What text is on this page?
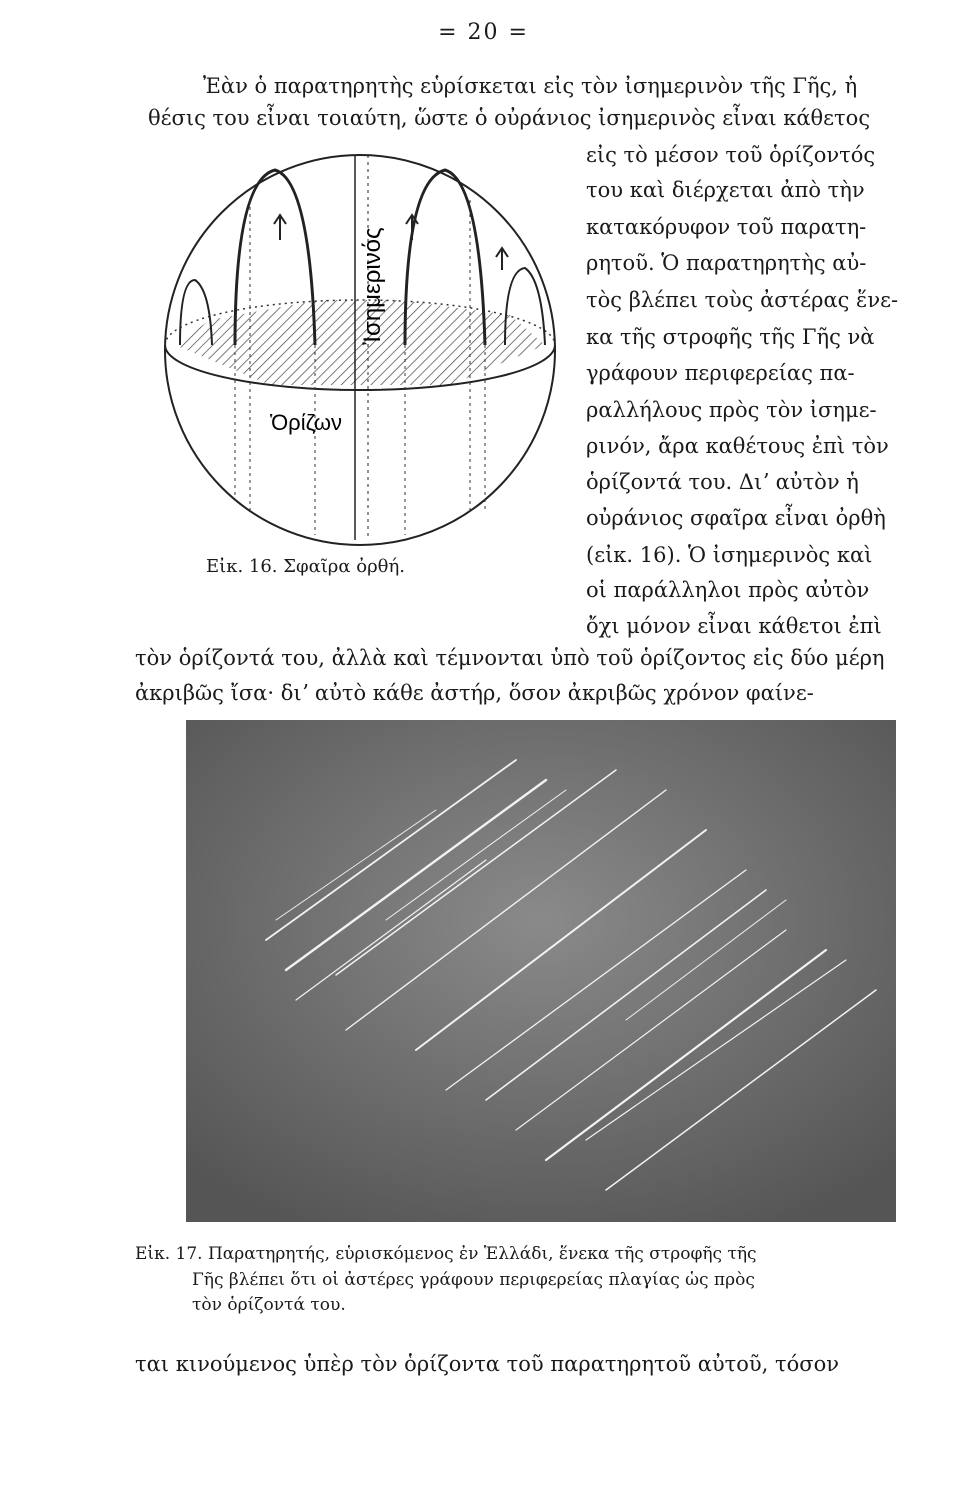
= 20 =
Ἐὰν ὁ παρατηρητὴς εὑρίσκεται εἰς τὸν ἰσημερινὸν τῆς Γῆς, ἡ
θέσις του εἶναι τοιαύτη, ὥστε ὁ οὐράνιος ἰσημερινὸς εἶναι κάθετος
εἰς τὸ μέσον τοῦ ὁρίζοντός
του καὶ διέρχεται ἀπὸ τὴν
κατακόρυφον τοῦ παρατη-
ρητοῦ. Ὁ παρατηρητὴς αὐ-
τὸς βλέπει τοὺς ἀστέρας ἕνε-
κα τῆς στροφῆς τῆς Γῆς νὰ
γράφουν περιφερείας πα-
ραλλήλους πρὸς τὸν ἰσημε-
ρινόν, ἄρα καθέτους ἐπὶ τὸν
ὁρίζοντά του. Διʼ αὐτὸν ἡ
οὐράνιος σφαῖρα εἶναι ὀρθὴ
(εἰκ. 16). Ὁ ἰσημερινὸς καὶ
οἱ παράλληλοι πρὸς αὐτὸν
ὄχι μόνον εἶναι κάθετοι ἐπὶ
τὸν ὁρίζοντά του, ἀλλὰ καὶ τέμνονται ὑπὸ τοῦ ὁρίζοντος εἰς δύο μέρη
ἀκριβῶς ἴσα· διʼ αὐτὸ κάθε ἀστήρ, ὅσον ἀκριβῶς χρόνον φαίνε-
Ἰσημερινός
Ὁρίζων
Εἰκ. 16. Σφαῖρα ὀρθή.
Εἰκ. 17. Παρατηρητής, εὑρισκόμενος ἐν Ἑλλάδι, ἕνεκα τῆς στροφῆς τῆς
Γῆς βλέπει ὅτι οἱ ἀστέρες γράφουν περιφερείας πλαγίας ὡς πρὸς
τὸν ὁρίζοντά του.
ται κινούμενος ὑπὲρ τὸν ὁρίζοντα τοῦ παρατηρητοῦ αὐτοῦ, τόσον
